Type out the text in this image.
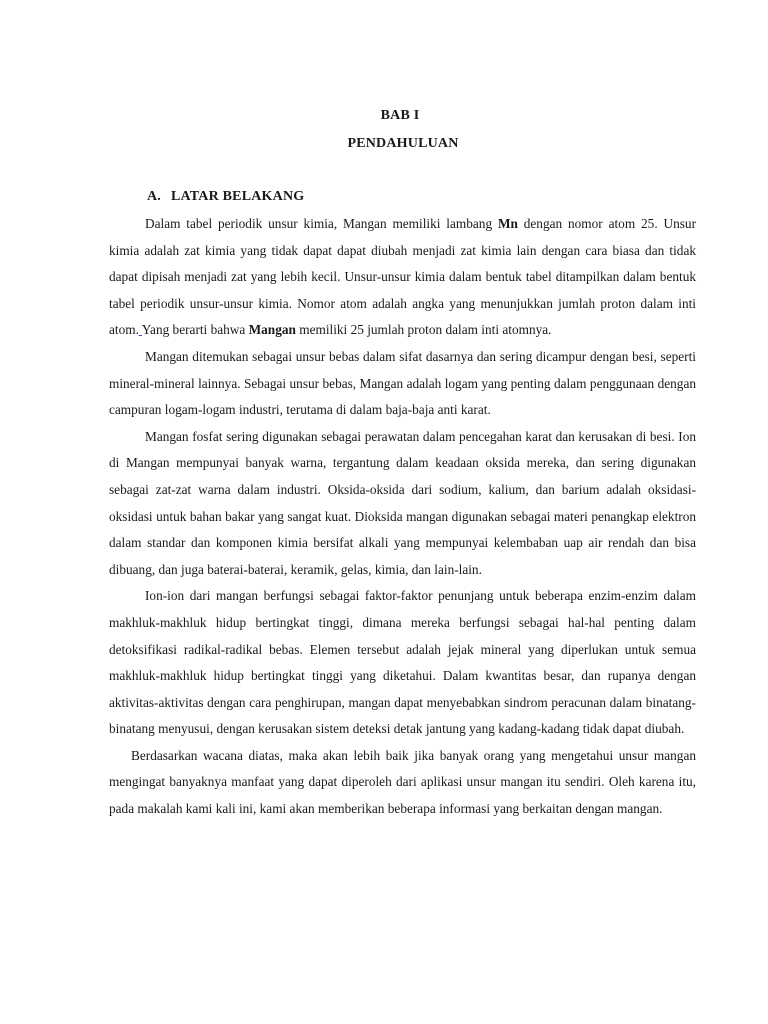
BAB I
PENDAHULUAN
A. LATAR BELAKANG

Dalam tabel periodik unsur kimia, Mangan memiliki lambang Mn dengan nomor atom 25. Unsur kimia adalah zat kimia yang tidak dapat dapat diubah menjadi zat kimia lain dengan cara biasa dan tidak dapat dipisah menjadi zat yang lebih kecil. Unsur-unsur kimia dalam bentuk tabel ditampilkan dalam bentuk tabel periodik unsur-unsur kimia. Nomor atom adalah angka yang menunjukkan jumlah proton dalam inti atom. Yang berarti bahwa Mangan memiliki 25 jumlah proton dalam inti atomnya.

Mangan ditemukan sebagai unsur bebas dalam sifat dasarnya dan sering dicampur dengan besi, seperti mineral-mineral lainnya. Sebagai unsur bebas, Mangan adalah logam yang penting dalam penggunaan dengan campuran logam-logam industri, terutama di dalam baja-baja anti karat.

Mangan fosfat sering digunakan sebagai perawatan dalam pencegahan karat dan kerusakan di besi. Ion di Mangan mempunyai banyak warna, tergantung dalam keadaan oksida mereka, dan sering digunakan sebagai zat-zat warna dalam industri. Oksida-oksida dari sodium, kalium, dan barium adalah oksidasi-oksidasi untuk bahan bakar yang sangat kuat. Dioksida mangan digunakan sebagai materi penangkap elektron dalam standar dan komponen kimia bersifat alkali yang mempunyai kelembaban uap air rendah dan bisa dibuang, dan juga baterai-baterai, keramik, gelas, kimia, dan lain-lain.

Ion-ion dari mangan berfungsi sebagai faktor-faktor penunjang untuk beberapa enzim-enzim dalam makhluk-makhluk hidup bertingkat tinggi, dimana mereka berfungsi sebagai hal-hal penting dalam detoksifikasi radikal-radikal bebas. Elemen tersebut adalah jejak mineral yang diperlukan untuk semua makhluk-makhluk hidup bertingkat tinggi yang diketahui. Dalam kwantitas besar, dan rupanya dengan aktivitas-aktivitas dengan cara penghirupan, mangan dapat menyebabkan sindrom peracunan dalam binatang-binatang menyusui, dengan kerusakan sistem deteksi detak jantung yang kadang-kadang tidak dapat diubah.

Berdasarkan wacana diatas, maka akan lebih baik jika banyak orang yang mengetahui unsur mangan mengingat banyaknya manfaat yang dapat diperoleh dari aplikasi unsur mangan itu sendiri. Oleh karena itu, pada makalah kami kali ini, kami akan memberikan beberapa informasi yang berkaitan dengan mangan.
